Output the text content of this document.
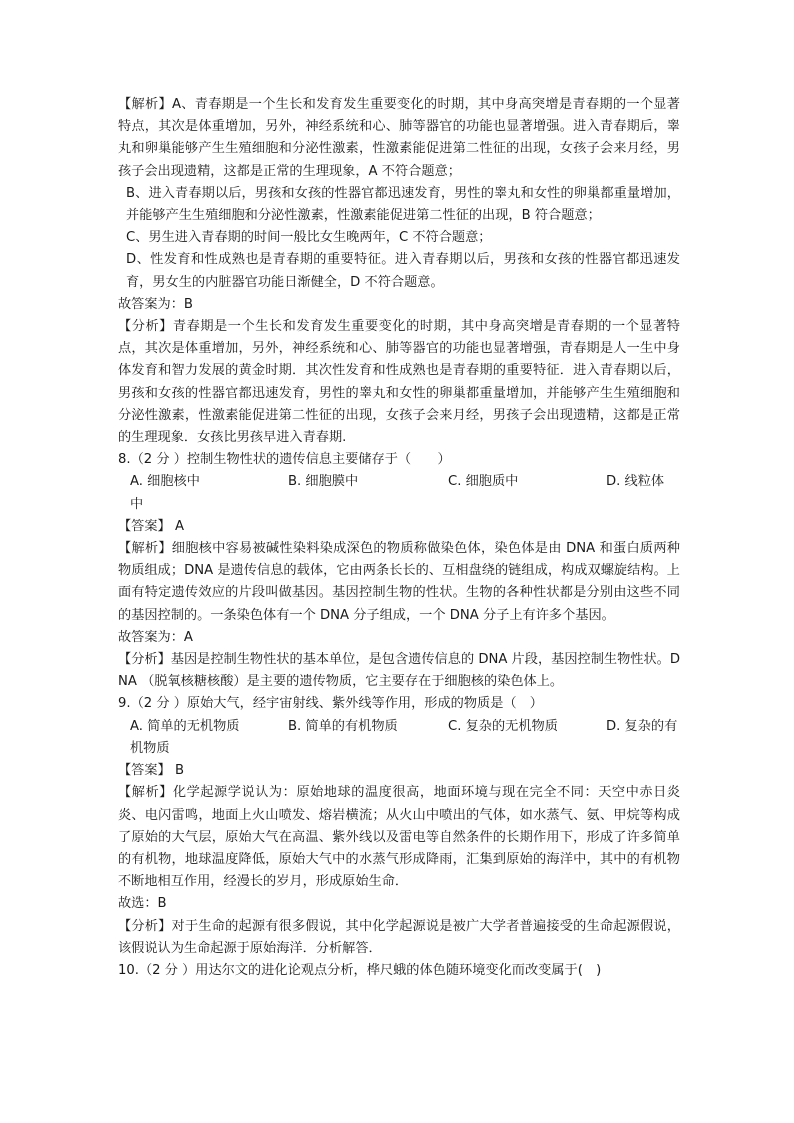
【解析】A、青春期是一个生长和发育发生重要变化的时期，其中身高突增是青春期的一个显著特点，其次是体重增加，另外，神经系统和心、肺等器官的功能也显著增强。进入青春期后，睾丸和卵巢能够产生生殖细胞和分泌性激素，性激素能促进第二性征的出现，女孩子会来月经，男孩子会出现遗精，这都是正常的生理现象，A 不符合题意；

B、进入青春期以后，男孩和女孩的性器官都迅速发育，男性的睾丸和女性的卵巢都重量增加，并能够产生生殖细胞和分泌性激素，性激素能促进第二性征的出现，B 符合题意；

C、男生进入青春期的时间一般比女生晚两年，C 不符合题意；

D、性发育和性成熟也是青春期的重要特征。进入青春期以后，男孩和女孩的性器官都迅速发育，男女生的内脏器官功能日渐健全，D 不符合题意。

故答案为：B

【分析】青春期是一个生长和发育发生重要变化的时期，其中身高突增是青春期的一个显著特点，其次是体重增加，另外，神经系统和心、肺等器官的功能也显著增强，青春期是人一生中身体发育和智力发展的黄金时期．其次性发育和性成熟也是青春期的重要特征．进入青春期以后，男孩和女孩的性器官都迅速发育，男性的睾丸和女性的卵巢都重量增加，并能够产生生殖细胞和分泌性激素，性激素能促进第二性征的出现，女孩子会来月经，男孩子会出现遗精，这都是正常的生理现象．女孩比男孩早进入青春期.

8.（2 分 ）控制生物性状的遗传信息主要储存于（　　）

A. 细胞核中	B. 细胞膜中	C. 细胞质中	D. 线粒体
中

【答案】 A

【解析】细胞核中容易被碱性染料染成深色的物质称做染色体，染色体是由 DNA 和蛋白质两种物质组成；DNA 是遗传信息的载体，它由两条长长的、互相盘绕的链组成，构成双螺旋结构。上面有特定遗传效应的片段叫做基因。基因控制生物的性状。生物的各种性状都是分别由这些不同的基因控制的。一条染色体有一个 DNA 分子组成，一个 DNA 分子上有许多个基因。

故答案为：A

【分析】基因是控制生物性状的基本单位，是包含遗传信息的 DNA 片段，基因控制生物性状。DNA （脱氧核糖核酸）是主要的遗传物质，它主要存在于细胞核的染色体上。

9.（2 分 ）原始大气，经宇宙射线、紫外线等作用，形成的物质是（　）

A. 简单的无机物质	B. 简单的有机物质	C. 复杂的无机物质	D. 复杂的有
机物质

【答案】 B

【解析】化学起源学说认为：原始地球的温度很高，地面环境与现在完全不同：天空中赤日炎炎、电闪雷鸣，地面上火山喷发、熔岩横流；从火山中喷出的气体，如水蒸气、氨、甲烷等构成了原始的大气层，原始大气在高温、紫外线以及雷电等自然条件的长期作用下，形成了许多简单的有机物，地球温度降低，原始大气中的水蒸气形成降雨，汇集到原始的海洋中，其中的有机物不断地相互作用，经漫长的岁月，形成原始生命．

故选：B

【分析】对于生命的起源有很多假说，其中化学起源说是被广大学者普遍接受的生命起源假说，该假说认为生命起源于原始海洋．分析解答．

10.（2 分 ）用达尔文的进化论观点分析，桦尺蛾的体色随环境变化而改变属于(　)
